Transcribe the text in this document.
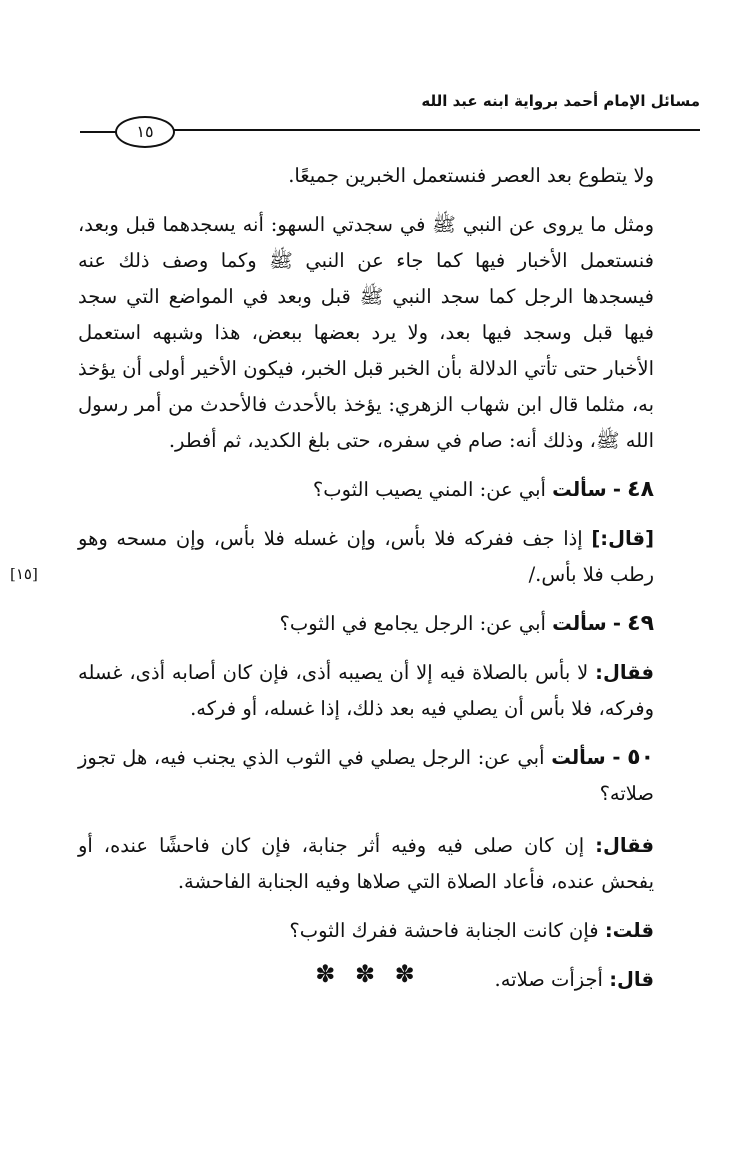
مسائل الإمام أحمد برواية ابنه عبد الله
١٥
[١٥]

ولا يتطوع بعد العصر فنستعمل الخبرين جميعًا.

ومثل ما يروى عن النبي ﷺ في سجدتي السهو: أنه يسجدهما قبل وبعد، فنستعمل الأخبار فيها كما جاء عن النبي ﷺ وكما وصف ذلك عنه فيسجدها الرجل كما سجد النبي ﷺ قبل وبعد في المواضع التي سجد فيها قبل وسجد فيها بعد، ولا يرد بعضها ببعض، هذا وشبهه استعمل الأخبار حتى تأتي الدلالة بأن الخبر قبل الخبر، فيكون الأخير أولى أن يؤخذ به، مثلما قال ابن شهاب الزهري: يؤخذ بالأحدث فالأحدث من أمر رسول الله ﷺ، وذلك أنه: صام في سفره، حتى بلغ الكديد، ثم أفطر.

٤٨ - سألت أبي عن: المني يصيب الثوب؟

[قال:] إذا جف ففركه فلا بأس، وإن غسله فلا بأس، وإن مسحه وهو رطب فلا بأس./

٤٩ - سألت أبي عن: الرجل يجامع في الثوب؟

فقال: لا بأس بالصلاة فيه إلا أن يصيبه أذى، فإن كان أصابه أذى، غسله وفركه، فلا بأس أن يصلي فيه بعد ذلك، إذا غسله، أو فركه.

٥٠ - سألت أبي عن: الرجل يصلي في الثوب الذي يجنب فيه، هل تجوز صلاته؟

فقال: إن كان صلى فيه وفيه أثر جنابة، فإن كان فاحشًا عنده، أو يفحش عنده، فأعاد الصلاة التي صلاها وفيه الجنابة الفاحشة.

قلت: فإن كانت الجنابة فاحشة ففرك الثوب؟

قال: أجزأت صلاته.

✽ ✽ ✽
